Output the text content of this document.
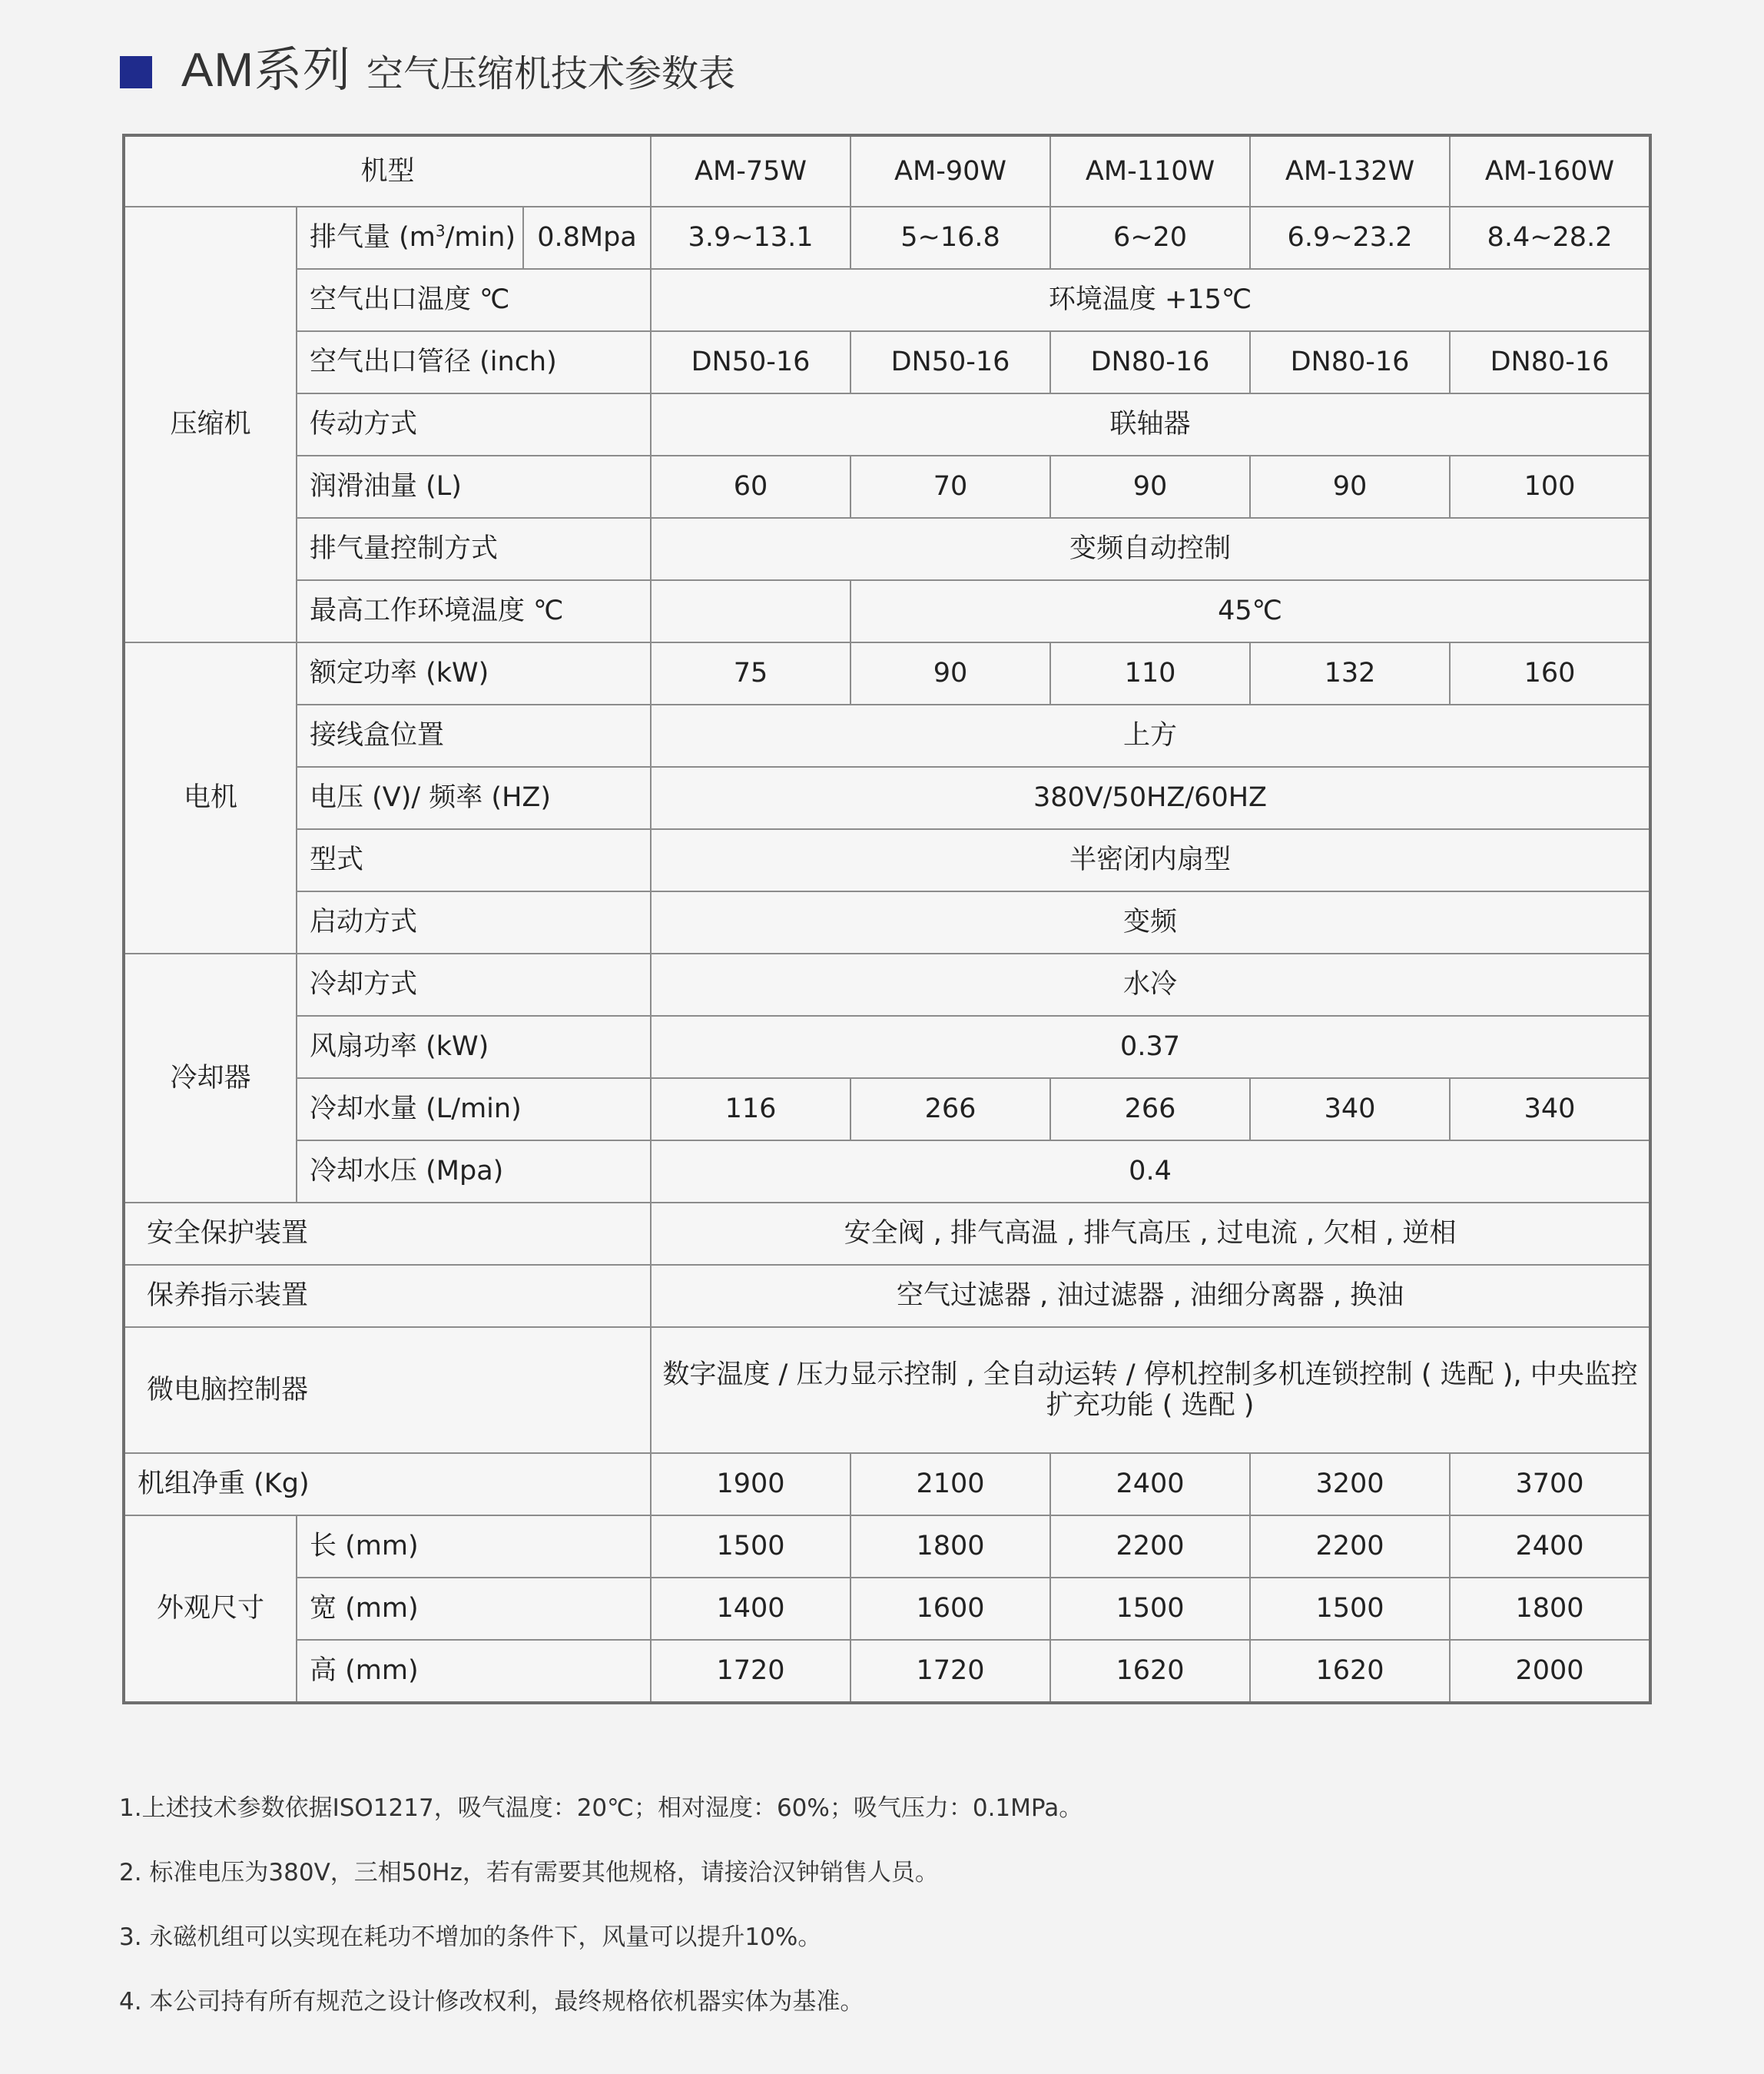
AM系列 空气压缩机技术参数表
机型			AM-75W	AM-90W	AM-110W	AM-132W	AM-160W
压缩机	排气量 $(m^3/\min)$	0.8Mpa	3.9~13.1	5~16.8	6~20	6.9~23.2	8.4~28.2
	空气出口温度 ℃		环境温度 +15℃				
	空气出口管径 (inch)		DN50-16	DN50-16	DN80-16	DN80-16	DN80-16
	传动方式		联轴器				
	润滑油量 (L)		60	70	90	90	100
	排气量控制方式		变频自动控制				
	最高工作环境温度 ℃			45℃			
电机	额定功率 (kW)		75	90	110	132	160
	接线盒位置		上方				
	电压 (V)/ 频率 (HZ)		380V/50HZ/60HZ				
	型式		半密闭内扇型				
	启动方式		变频				
冷却器	冷却方式		水冷				
	风扇功率 (kW)		0.37				
	冷却水量 (L/min)		116	266	266	340	340
	冷却水压 (Mpa)		0.4				
安全保护装置			安全阀 , 排气高温 , 排气高压 , 过电流 , 欠相 , 逆相				
保养指示装置			空气过滤器 , 油过滤器 , 油细分离器 , 换油				
微电脑控制器			数字温度 / 压力显示控制 , 全自动运转 / 停机控制多机连锁控制 ( 选配 ), 中央监控扩充功能 ( 选配 )				
机组净重 (Kg)			1900	2100	2400	3200	3700
外观尺寸	长 (mm)		1500	1800	2200	2200	2400
	宽 (mm)		1400	1600	1500	1500	1800
	高 (mm)		1720	1720	1620	1620	2000

1.上述技术参数依据ISO1217，吸气温度：20℃；相对湿度：60%；吸气压力：0.1MPa。

2. 标准电压为380V，三相50Hz，若有需要其他规格，请接洽汉钟销售人员。

3. 永磁机组可以实现在耗功不增加的条件下，风量可以提升10%。

4. 本公司持有所有规范之设计修改权利，最终规格依机器实体为基准。
